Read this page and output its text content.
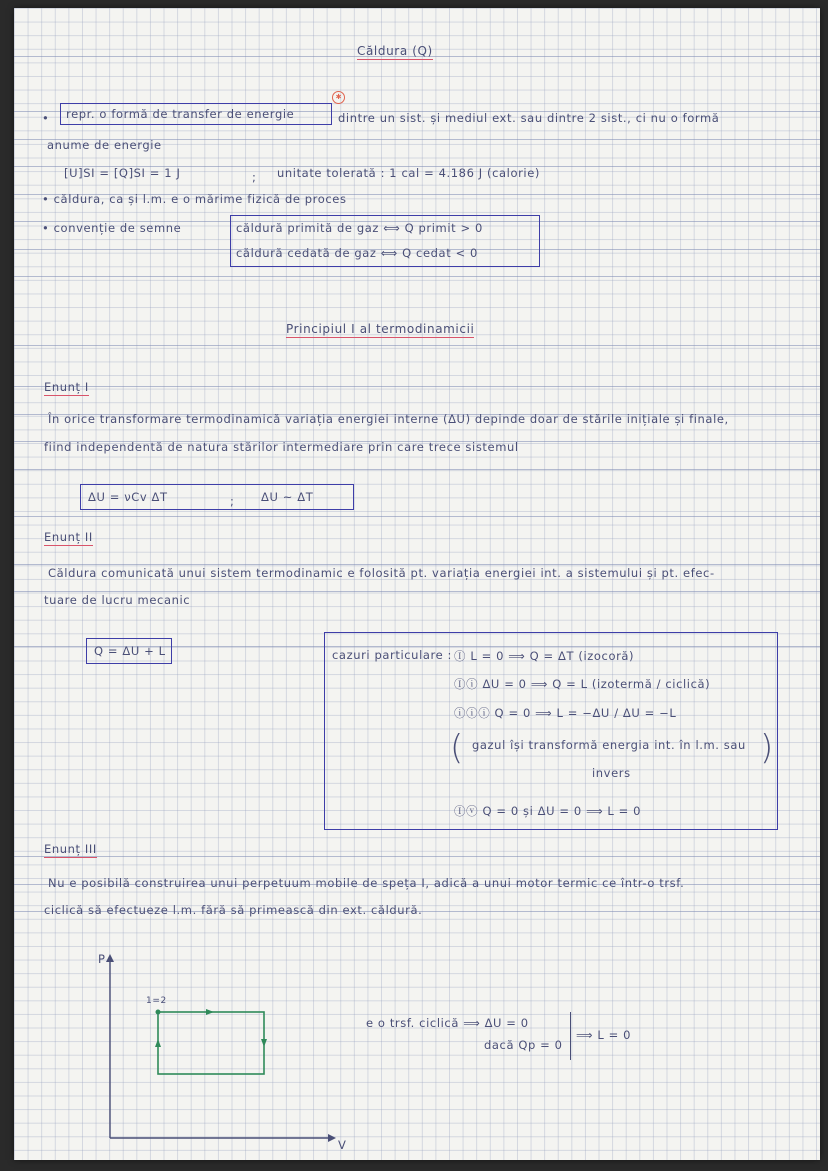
Căldura (Q)
• repr. o formă de transfer de energie
✱
dintre un sist. și mediul ext. sau dintre 2 sist., ci nu o formă
anume de energie
[U]SI = [Q]SI = 1 J	; unitate tolerată : 1 cal = 4.186 J (calorie)
• căldura, ca și l.m. e o mărime fizică de proces
• convenție de semne	căldură primită de gaz ⟺ Q primit > 0
căldură cedată de gaz ⟺ Q cedat < 0
Principiul I al termodinamicii
Enunț I
În orice transformare termodinamică variația energiei interne (ΔU) depinde doar de stările inițiale și finale,
fiind independentă de natura stărilor intermediare prin care trece sistemul
ΔU = νCv ΔT	; ΔU ~ ΔT
Enunț II
Căldura comunicată unui sistem termodinamic e folosită pt. variația energiei int. a sistemului și pt. efec-
tuare de lucru mecanic
Q = ΔU + L	cazuri particulare : Ⓘ L = 0 ⟹ Q = ΔT (izocoră)
Ⓘⓘ ΔU = 0 ⟹ Q = L (izotermă / ciclică)
ⓘⓘⓘ Q = 0 ⟹ L = −ΔU / ΔU = −L
( gazul își transformă energia int. în l.m. sau
invers
)
Ⓘⓥ Q = 0 și ΔU = 0 ⟹ L = 0
Enunț III
Nu e posibilă construirea unui perpetuum mobile de speța I, adică a unui motor termic ce într-o trsf.
ciclică să efectueze l.m. fără să primească din ext. căldură.
P
V
1=2
e o trsf. ciclică ⟹ ΔU = 0
dacă Qp = 0
⟹ L = 0
